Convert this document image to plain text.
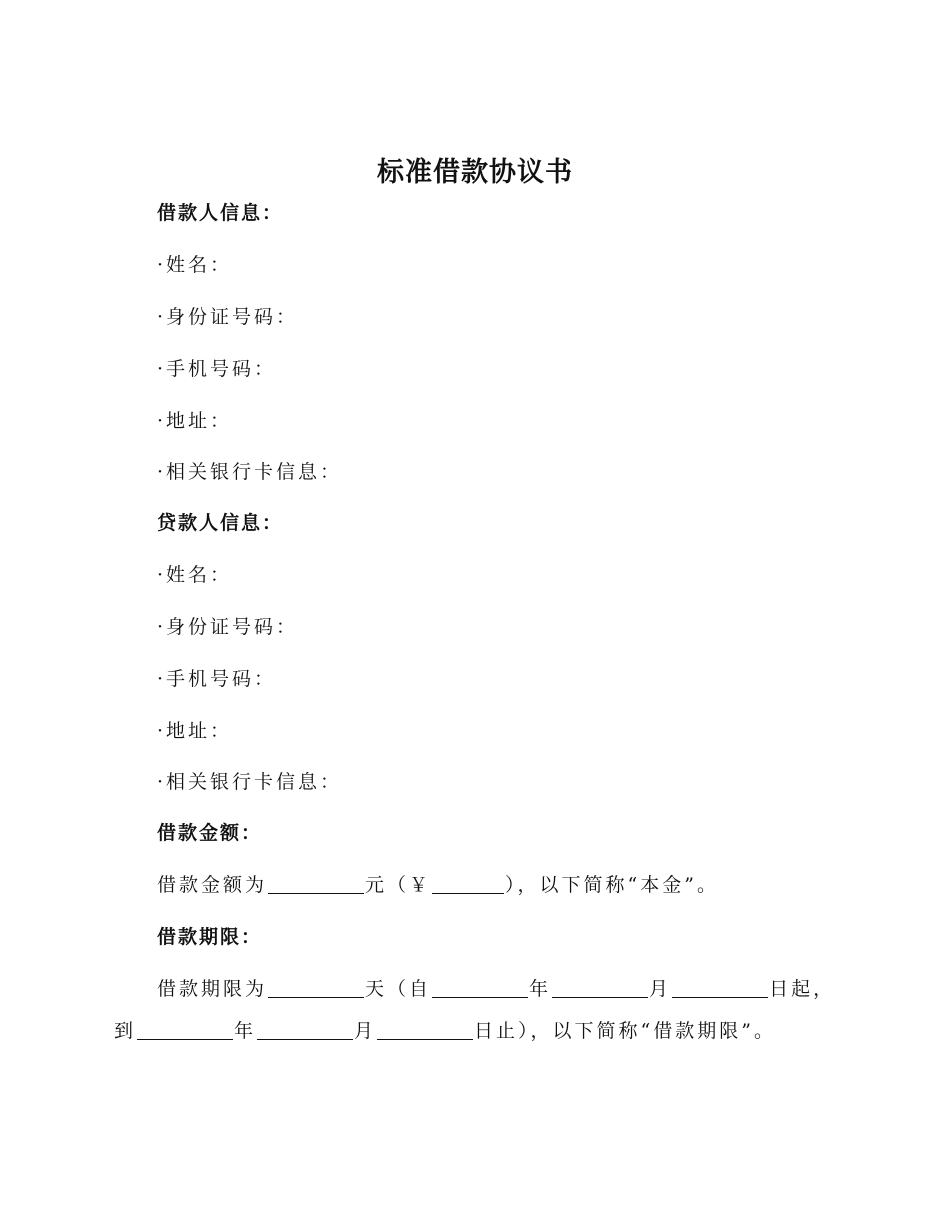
标准借款协议书
借款人信息：
·姓名：
·身份证号码：
·手机号码：
·地址：
·相关银行卡信息：
贷款人信息：
·姓名：
·身份证号码：
·手机号码：
·地址：
·相关银行卡信息：
借款金额：
借款金额为	元（￥	），以下简称“本金”。
借款期限：
借款期限为	天（自	年	月	日起，
到	年	月	日止），以下简称“借款期限”。
